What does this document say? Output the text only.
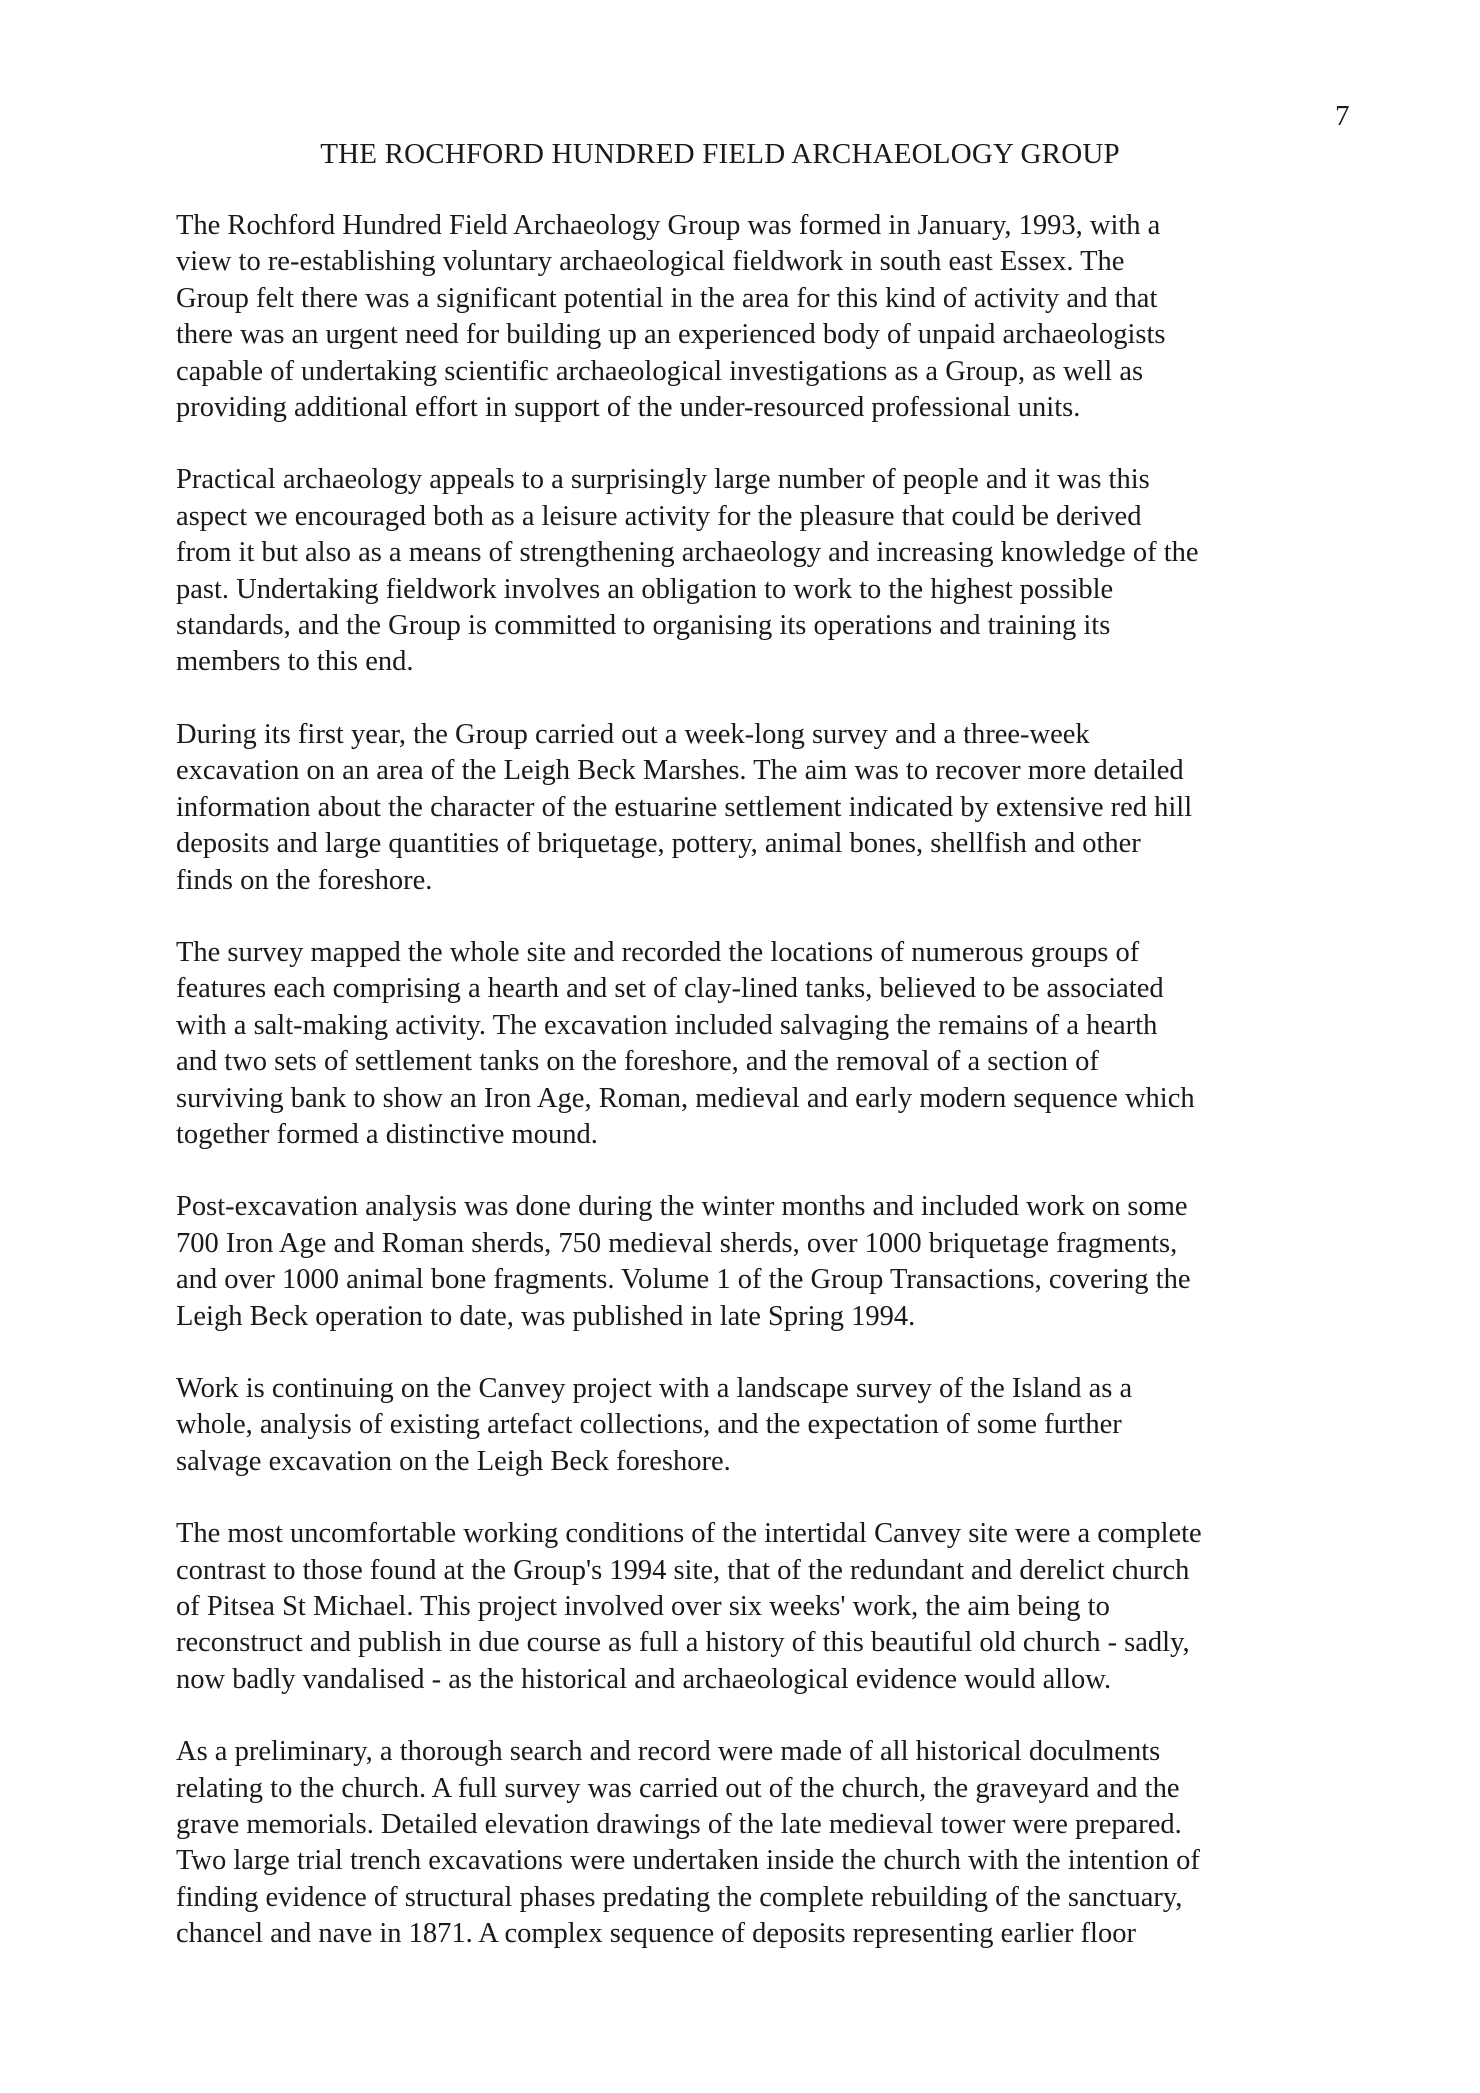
7
THE ROCHFORD HUNDRED FIELD ARCHAEOLOGY GROUP

The Rochford Hundred Field Archaeology Group was formed in January, 1993, with a
view to re-establishing voluntary archaeological fieldwork in south east Essex. The
Group felt there was a significant potential in the area for this kind of activity and that
there was an urgent need for building up an experienced body of unpaid archaeologists
capable of undertaking scientific archaeological investigations as a Group, as well as
providing additional effort in support of the under-resourced professional units.

Practical archaeology appeals to a surprisingly large number of people and it was this
aspect we encouraged both as a leisure activity for the pleasure that could be derived
from it but also as a means of strengthening archaeology and increasing knowledge of the
past. Undertaking fieldwork involves an obligation to work to the highest possible
standards, and the Group is committed to organising its operations and training its
members to this end.

During its first year, the Group carried out a week-long survey and a three-week
excavation on an area of the Leigh Beck Marshes. The aim was to recover more detailed
information about the character of the estuarine settlement indicated by extensive red hill
deposits and large quantities of briquetage, pottery, animal bones, shellfish and other
finds on the foreshore.

The survey mapped the whole site and recorded the locations of numerous groups of
features each comprising a hearth and set of clay-lined tanks, believed to be associated
with a salt-making activity. The excavation included salvaging the remains of a hearth
and two sets of settlement tanks on the foreshore, and the removal of a section of
surviving bank to show an Iron Age, Roman, medieval and early modern sequence which
together formed a distinctive mound.

Post-excavation analysis was done during the winter months and included work on some
700 Iron Age and Roman sherds, 750 medieval sherds, over 1000 briquetage fragments,
and over 1000 animal bone fragments. Volume 1 of the Group Transactions, covering the
Leigh Beck operation to date, was published in late Spring 1994.

Work is continuing on the Canvey project with a landscape survey of the Island as a
whole, analysis of existing artefact collections, and the expectation of some further
salvage excavation on the Leigh Beck foreshore.

The most uncomfortable working conditions of the intertidal Canvey site were a complete
contrast to those found at the Group's 1994 site, that of the redundant and derelict church
of Pitsea St Michael. This project involved over six weeks' work, the aim being to
reconstruct and publish in due course as full a history of this beautiful old church - sadly,
now badly vandalised - as the historical and archaeological evidence would allow.

As a preliminary, a thorough search and record were made of all historical doculments
relating to the church. A full survey was carried out of the church, the graveyard and the
grave memorials. Detailed elevation drawings of the late medieval tower were prepared.
Two large trial trench excavations were undertaken inside the church with the intention of
finding evidence of structural phases predating the complete rebuilding of the sanctuary,
chancel and nave in 1871. A complex sequence of deposits representing earlier floor
